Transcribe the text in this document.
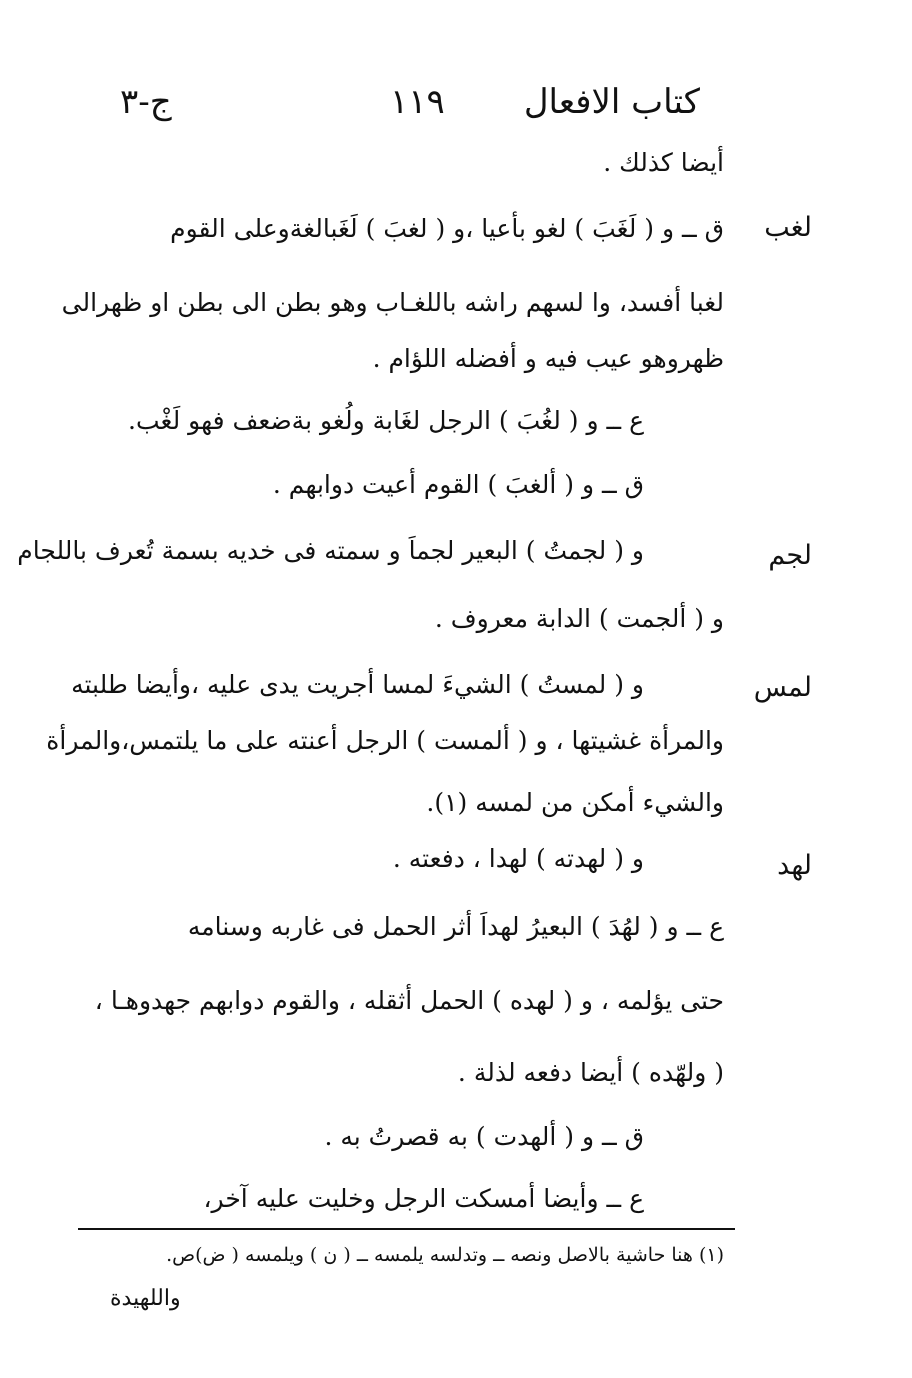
كتاب الافعال
١١٩
ج-٣
أيضا كذلك .
لغب
ق ــ و ( لَغَبَ ) لغو بأعيا ،و ( لغبَ ) لَغَبالغةوعلى القوم
لغبا أفسد، وا لسهم راشه باللغـاب وهو بطن الى بطن او ظهرالى
ظهروهو عيب فيه و أفضله اللؤام .
ع ــ و ( لغُبَ ) الرجل لغَابة ولُغو بةضعف فهو لَغْب.
ق ــ و ( ألغبَ ) القوم أعيت دوابهم .
لجم
و ( لجمتُ ) البعير لجماَ و سمته فى خديه بسمة تُعرف باللجام
و ( ألجمت ) الدابة معروف .
لمس
و ( لمستُ ) الشيءَ لمسا أجريت يدى عليه ،وأيضا طلبته
والمرأة غشيتها ، و ( ألمست ) الرجل أعنته على ما يلتمس،والمرأة
والشيء أمكن من لمسه (١).
لهد
و ( لهدته ) لهدا ، دفعته .
ع ــ و ( لهُدَ ) البعيرُ لهداَ أثر الحمل فى غاربه وسنامه
حتى يؤلمه ، و ( لهده ) الحمل أثقله ، والقوم دوابهم جهدوهـا ،
( ولهّده ) أيضا دفعه لذلة .
ق ــ و ( ألهدت ) به قصرتُ به .
ع ــ وأيضا أمسكت الرجل وخليت عليه آخر،
(١) هنا حاشية بالاصل ونصه ــ وتدلسه يلمسه ــ ( ن ) ويلمسه ( ض)ص.
واللهيدة
